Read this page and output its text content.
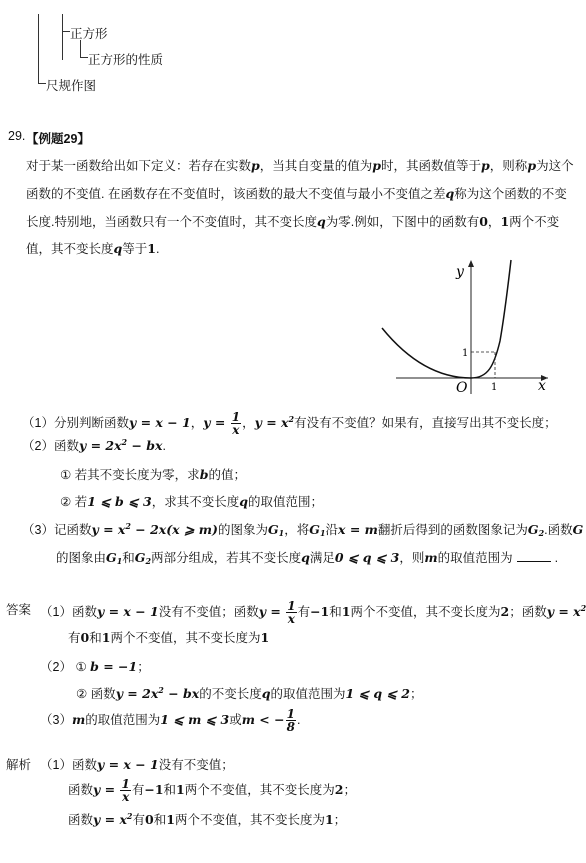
正方形
正方形的性质
尺规作图
29. 【例题29】
对于某一函数给出如下定义：若存在实数p，当其自变量的值为p时，其函数值等于p，则称p为这个
函数的不变值. 在函数存在不变值时，该函数的最大不变值与最小不变值之差q称为这个函数的不变
长度.特别地，当函数只有一个不变值时，其不变长度q为零.例如，下图中的函数有0，1两个不变
值，其不变长度q等于1.
y
x
O 1
1
（1）分别判断函数y = x − 1，$y = \frac{1}{x}$ ，$y = x^2$有没有不变值？如果有，直接写出其不变长度；
（2）函数$y = 2x^2$ − bx.
① 若其不变长度为零，求b的值；
② 若1 ⩽ b ⩽ 3，求其不变长度q的取值范围；
（3）记函数$y = x^2 - 2x(x$ ⩾ m)的图象为$G_1$，将$G_1$沿x = m翻折后得到的函数图象记为$G_2$.函数G
的图象由$G_1$和$G_2$两部分组成，若其不变长度q满足0 ⩽ q ⩽ 3，则m的取值范围为	.
答案 （1）函数y = x − 1没有不变值；函数$y = \frac{1}{x}$ 有−1和1两个不变值，其不变长度为2；函数$y = x^2$
有0和1两个不变值，其不变长度为1
（2） ① b = −1；
② 函数$y = 2x^2$ − bx的不变长度q的取值范围为1 ⩽ q ⩽ 2；
（3）m的取值范围为1 ⩽ m ⩽ 3或m < − $\frac{1}{8}$ .
解析 （1）函数y = x − 1没有不变值；
函数$y = \frac{1}{x}$ 有−1和1两个不变值，其不变长度为2；
函数$y = x^2$有0和1两个不变值，其不变长度为1；
